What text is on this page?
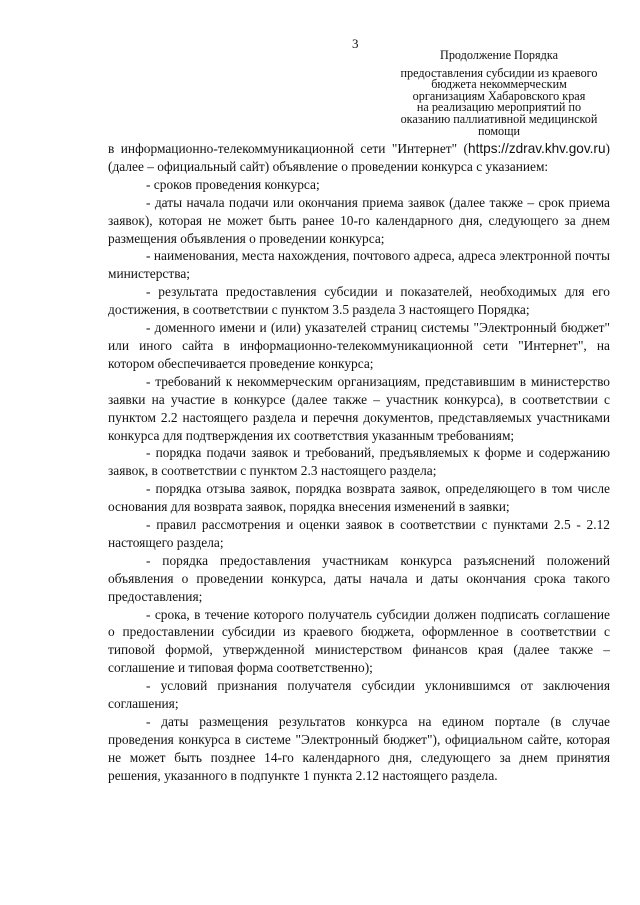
3
Продолжение Порядка
предоставления субсидии из краевого
бюджета некоммерческим
организациям Хабаровского края
на реализацию мероприятий по
оказанию паллиативной медицинской
помощи

в информационно-телекоммуникационной сети "Интернет" (https://zdrav.khv.gov.ru) (далее – официальный сайт) объявление о проведении конкурса с указанием:

- сроков проведения конкурса;

- даты начала подачи или окончания приема заявок (далее также – срок приема заявок), которая не может быть ранее 10-го календарного дня, следующего за днем размещения объявления о проведении конкурса;

- наименования, места нахождения, почтового адреса, адреса электронной почты министерства;

- результата предоставления субсидии и показателей, необходимых для его достижения, в соответствии с пунктом 3.5 раздела 3 настоящего Порядка;

- доменного имени и (или) указателей страниц системы "Электронный бюджет" или иного сайта в информационно-телекоммуникационной сети "Интернет", на котором обеспечивается проведение конкурса;

- требований к некоммерческим организациям, представившим в министерство заявки на участие в конкурсе (далее также – участник конкурса), в соответствии с пунктом 2.2 настоящего раздела и перечня документов, представляемых участниками конкурса для подтверждения их соответствия указанным требованиям;

- порядка подачи заявок и требований, предъявляемых к форме и содержанию заявок, в соответствии с пунктом 2.3 настоящего раздела;

- порядка отзыва заявок, порядка возврата заявок, определяющего в том числе основания для возврата заявок, порядка внесения изменений в заявки;

- правил рассмотрения и оценки заявок в соответствии с пунктами 2.5 - 2.12 настоящего раздела;

- порядка предоставления участникам конкурса разъяснений положений объявления о проведении конкурса, даты начала и даты окончания срока такого предоставления;

- срока, в течение которого получатель субсидии должен подписать соглашение о предоставлении субсидии из краевого бюджета, оформленное в соответствии с типовой формой, утвержденной министерством финансов края (далее также – соглашение и типовая форма соответственно);

- условий признания получателя субсидии уклонившимся от заключения соглашения;

- даты размещения результатов конкурса на едином портале (в случае проведения конкурса в системе "Электронный бюджет"), официальном сайте, которая не может быть позднее 14-го календарного дня, следующего за днем принятия решения, указанного в подпункте 1 пункта 2.12 настоящего раздела.
